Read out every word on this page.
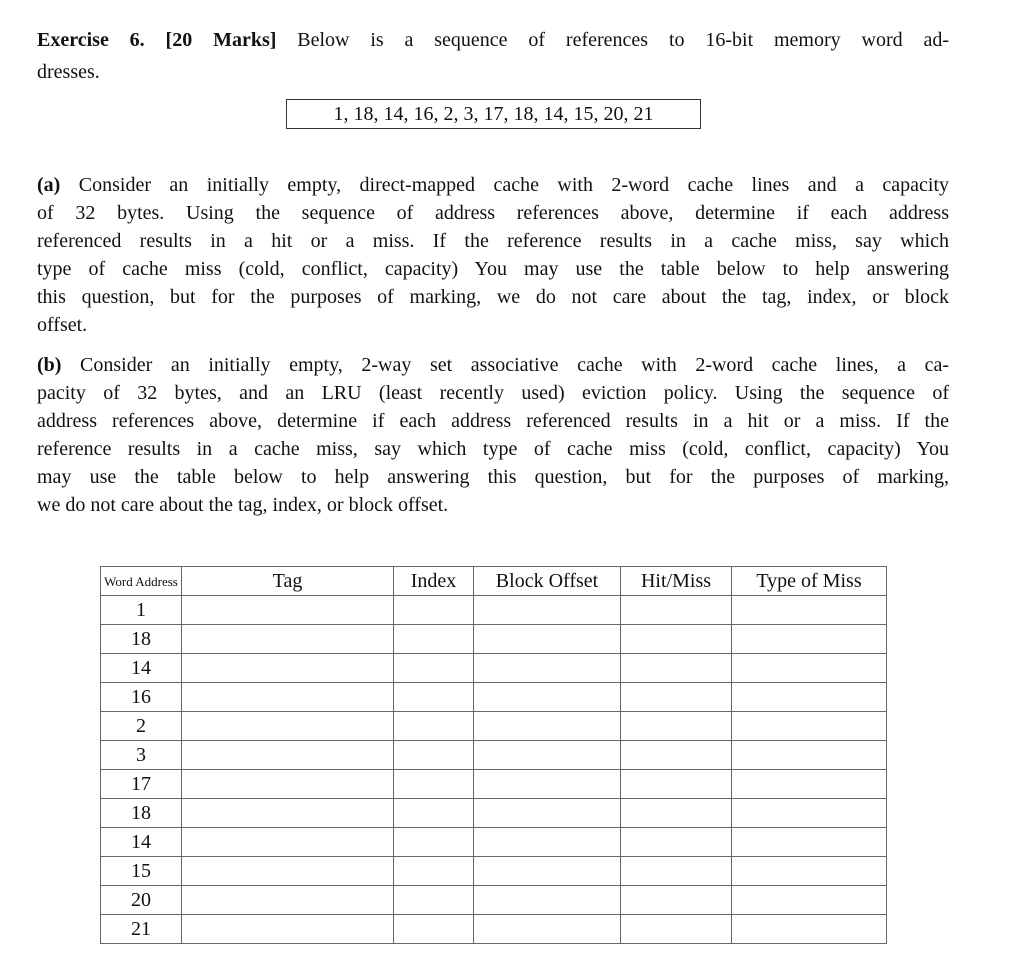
Exercise 6. [20 Marks] Below is a sequence of references to 16-bit memory word ad-
dresses.
1, 18, 14, 16, 2, 3, 17, 18, 14, 15, 20, 21
(a) Consider an initially empty, direct-mapped cache with 2-word cache lines and a capacity
of 32 bytes. Using the sequence of address references above, determine if each address
referenced results in a hit or a miss. If the reference results in a cache miss, say which
type of cache miss (cold, conflict, capacity) You may use the table below to help answering
this question, but for the purposes of marking, we do not care about the tag, index, or block
offset.
(b) Consider an initially empty, 2-way set associative cache with 2-word cache lines, a ca-
pacity of 32 bytes, and an LRU (least recently used) eviction policy. Using the sequence of
address references above, determine if each address referenced results in a hit or a miss. If the
reference results in a cache miss, say which type of cache miss (cold, conflict, capacity) You
may use the table below to help answering this question, but for the purposes of marking,
we do not care about the tag, index, or block offset.
Word Address	Tag	Index	Block Offset	Hit/Miss	Type of Miss
1					
18					
14					
16					
2					
3					
17					
18					
14					
15					
20					
21					
